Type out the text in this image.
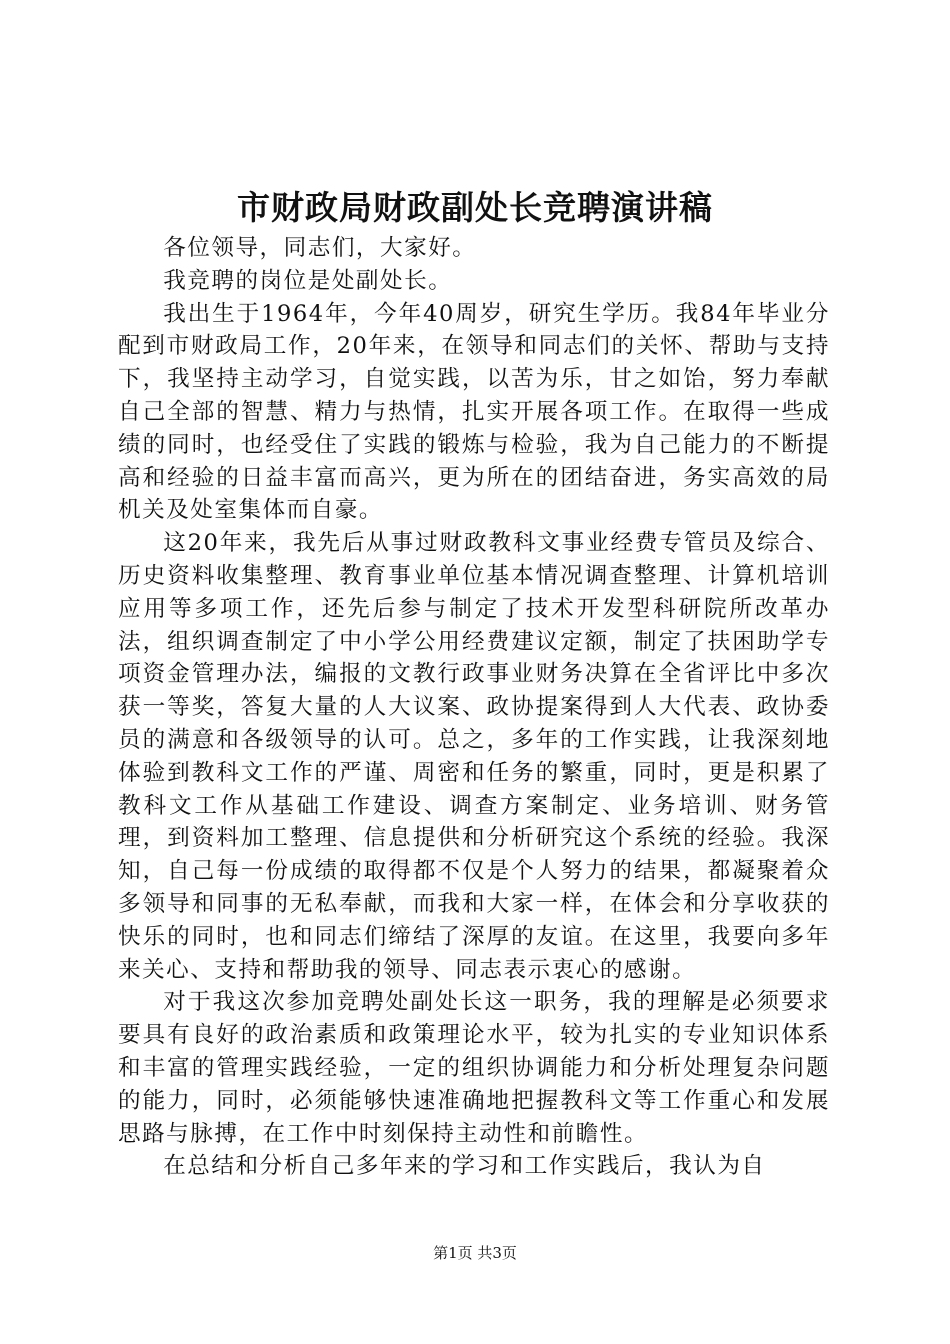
市财政局财政副处长竞聘演讲稿

各位领导，同志们，大家好。

我竞聘的岗位是处副处长。

我出生于1964年，今年40周岁，研究生学历。我84年毕业分配到市财政局工作，20年来，在领导和同志们的关怀、帮助与支持下，我坚持主动学习，自觉实践，以苦为乐，甘之如饴，努力奉献自己全部的智慧、精力与热情，扎实开展各项工作。在取得一些成绩的同时，也经受住了实践的锻炼与检验，我为自己能力的不断提高和经验的日益丰富而高兴，更为所在的团结奋进，务实高效的局机关及处室集体而自豪。

这20年来，我先后从事过财政教科文事业经费专管员及综合、历史资料收集整理、教育事业单位基本情况调查整理、计算机培训应用等多项工作，还先后参与制定了技术开发型科研院所改革办法，组织调查制定了中小学公用经费建议定额，制定了扶困助学专项资金管理办法，编报的文教行政事业财务决算在全省评比中多次获一等奖，答复大量的人大议案、政协提案得到人大代表、政协委员的满意和各级领导的认可。总之，多年的工作实践，让我深刻地体验到教科文工作的严谨、周密和任务的繁重，同时，更是积累了教科文工作从基础工作建设、调查方案制定、业务培训、财务管理，到资料加工整理、信息提供和分析研究这个系统的经验。我深知，自己每一份成绩的取得都不仅是个人努力的结果，都凝聚着众多领导和同事的无私奉献，而我和大家一样，在体会和分享收获的快乐的同时，也和同志们缔结了深厚的友谊。在这里，我要向多年来关心、支持和帮助我的领导、同志表示衷心的感谢。

对于我这次参加竞聘处副处长这一职务，我的理解是必须要求要具有良好的政治素质和政策理论水平，较为扎实的专业知识体系和丰富的管理实践经验，一定的组织协调能力和分析处理复杂问题的能力，同时，必须能够快速准确地把握教科文等工作重心和发展思路与脉搏，在工作中时刻保持主动性和前瞻性。

在总结和分析自己多年来的学习和工作实践后，我认为自

第1页 共3页
